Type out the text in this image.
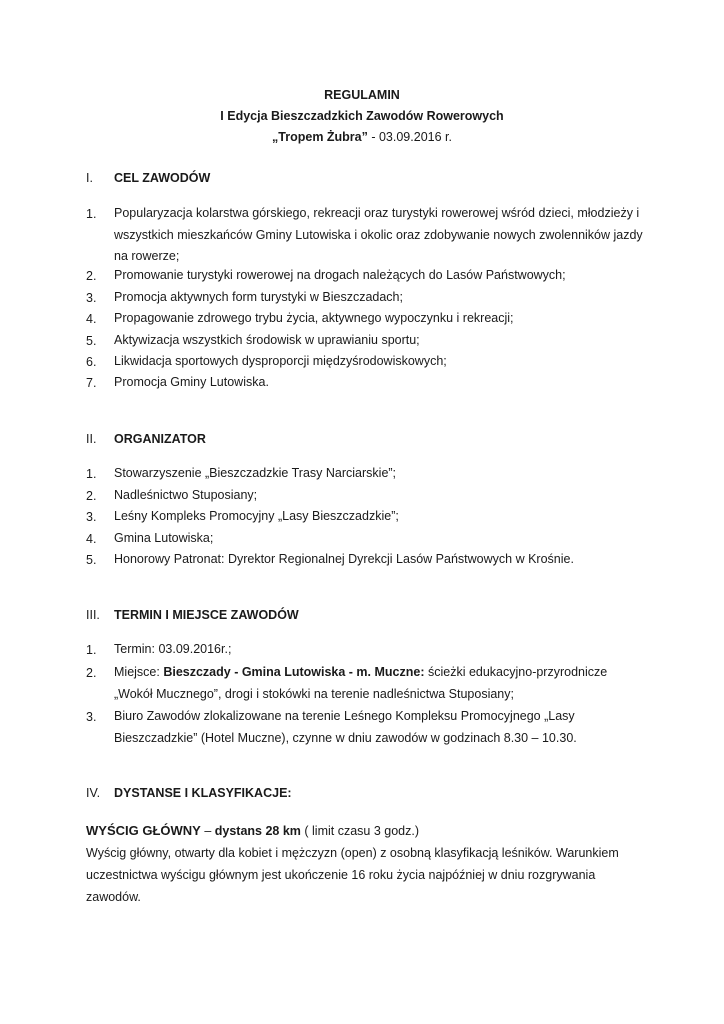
REGULAMIN
I Edycja Bieszczadzkich Zawodów Rowerowych
„Tropem Żubra” - 03.09.2016 r.
I. CEL ZAWODÓW
1. Popularyzacja kolarstwa górskiego, rekreacji oraz turystyki rowerowej wśród dzieci, młodzieży i wszystkich mieszkańców Gminy Lutowiska i okolic oraz zdobywanie nowych zwolenników jazdy na rowerze;
2. Promowanie turystyki rowerowej na drogach należących do Lasów Państwowych;
3. Promocja aktywnych form turystyki w Bieszczadach;
4. Propagowanie zdrowego trybu życia, aktywnego wypoczynku i rekreacji;
5. Aktywizacja wszystkich środowisk w uprawianiu sportu;
6. Likwidacja sportowych dysproporcji międzyśrodowiskowych;
7. Promocja Gminy Lutowiska.
II. ORGANIZATOR
1. Stowarzyszenie „Bieszczadzkie Trasy Narciarskie”;
2. Nadleśnictwo Stuposiany;
3. Leśny Kompleks Promocyjny „Lasy Bieszczadzkie”;
4. Gmina Lutowiska;
5. Honorowy Patronat: Dyrektor Regionalnej Dyrekcji Lasów Państwowych w Krośnie.
III. TERMIN I MIEJSCE ZAWODÓW
1. Termin: 03.09.2016r.;
2. Miejsce: Bieszczady - Gmina Lutowiska - m. Muczne: ścieżki edukacyjno-przyrodnicze „Wokół Mucznego”, drogi i stokówki na terenie nadleśnictwa Stuposiany;
3. Biuro Zawodów zlokalizowane na terenie Leśnego Kompleksu Promocyjnego „Lasy Bieszczadzkie” (Hotel Muczne), czynne w dniu zawodów w godzinach 8.30 – 10.30.
IV. DYSTANSE I KLASYFIKACJE:
WYŚCIG GŁÓWNY – dystans 28 km ( limit czasu 3 godz.)
Wyścig główny, otwarty dla kobiet i mężczyzn (open) z osobną klasyfikacją leśników. Warunkiem uczestnictwa wyścigu głównym jest ukończenie 16 roku życia najpóźniej w dniu rozgrywania zawodów.
